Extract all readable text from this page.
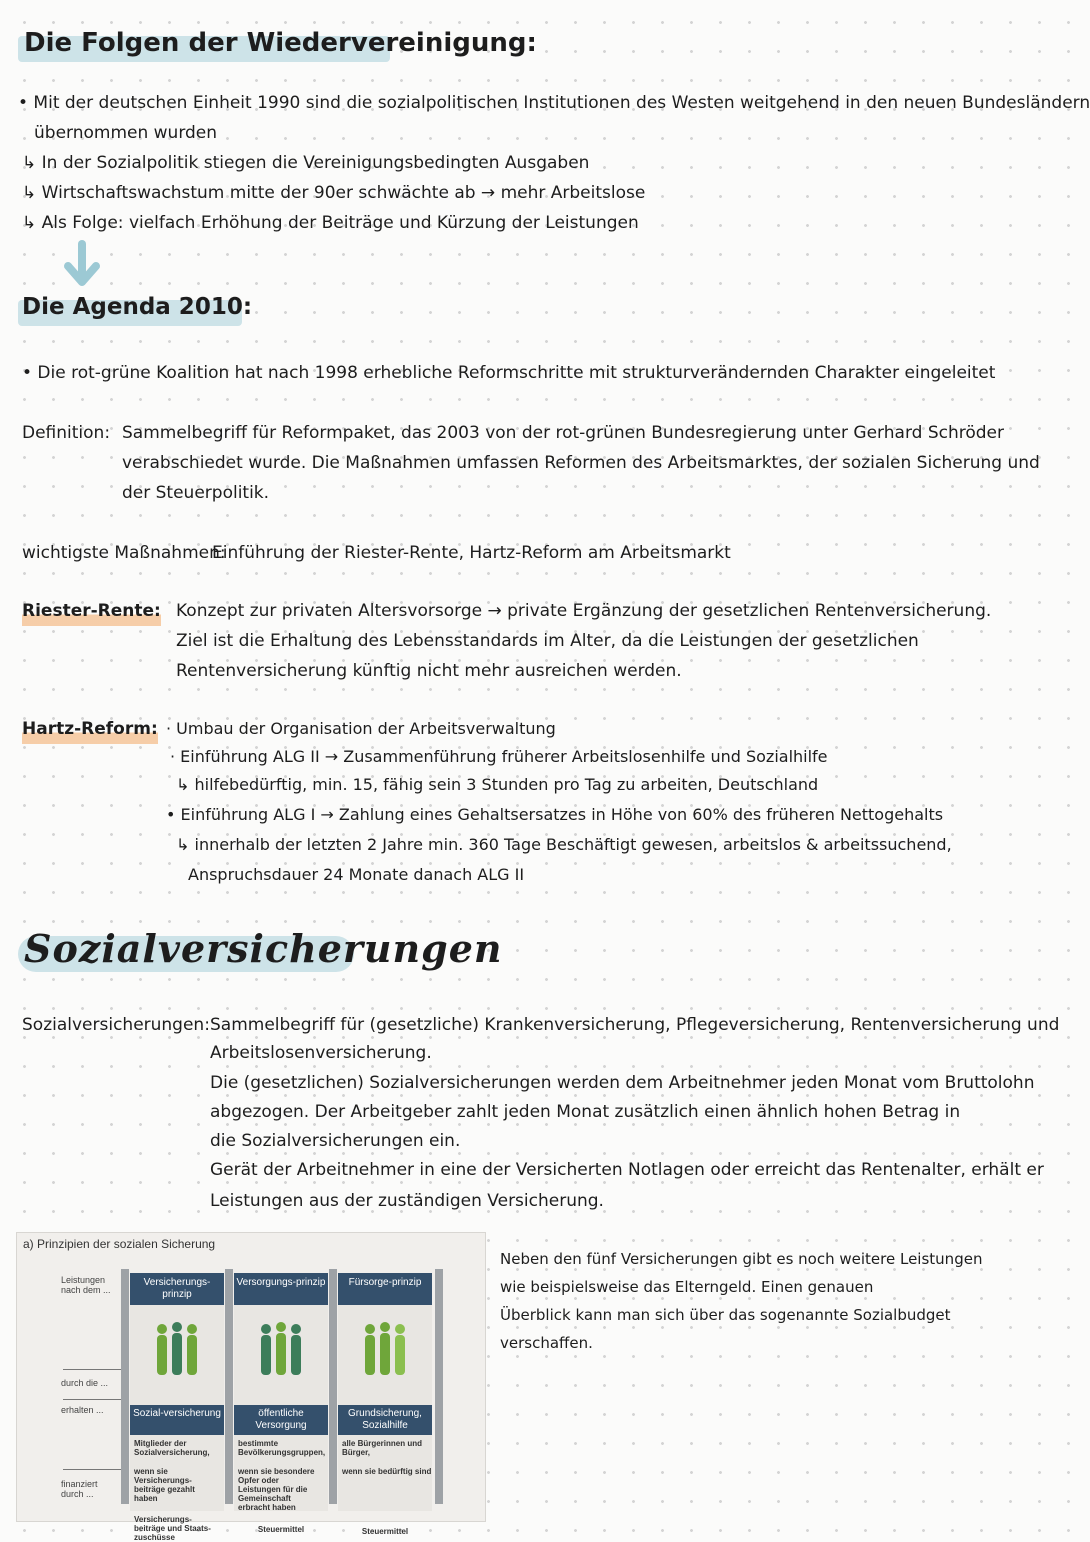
Die Folgen der Wiedervereinigung:
• Mit der deutschen Einheit 1990 sind die sozialpolitischen Institutionen des Westen weitgehend in den neuen Bundesländern
übernommen wurden
↳ In der Sozialpolitik stiegen die Vereinigungsbedingten Ausgaben
↳ Wirtschaftswachstum mitte der 90er schwächte ab → mehr Arbeitslose
↳ Als Folge: vielfach Erhöhung der Beiträge und Kürzung der Leistungen
Die Agenda 2010:
• Die rot-grüne Koalition hat nach 1998 erhebliche Reformschritte mit strukturverändernden Charakter eingeleitet
Definition: Sammelbegriff für Reformpaket, das 2003 von der rot-grünen Bundesregierung unter Gerhard Schröder
verabschiedet wurde. Die Maßnahmen umfassen Reformen des Arbeitsmarktes, der sozialen Sicherung und
der Steuerpolitik.
wichtigste Maßnahmen:
Einführung der Riester-Rente, Hartz-Reform am Arbeitsmarkt
Riester-Rente: Konzept zur privaten Altersvorsorge → private Ergänzung der gesetzlichen Rentenversicherung.
Ziel ist die Erhaltung des Lebensstandards im Alter, da die Leistungen der gesetzlichen
Rentenversicherung künftig nicht mehr ausreichen werden.
Hartz-Reform: · Umbau der Organisation der Arbeitsverwaltung
· Einführung ALG II → Zusammenführung früherer Arbeitslosenhilfe und Sozialhilfe
↳ hilfebedürftig, min. 15, fähig sein 3 Stunden pro Tag zu arbeiten, Deutschland
• Einführung ALG I → Zahlung eines Gehaltsersatzes in Höhe von 60% des früheren Nettogehalts
↳ innerhalb der letzten 2 Jahre min. 360 Tage Beschäftigt gewesen, arbeitslos & arbeitssuchend,
Anspruchsdauer 24 Monate danach ALG II
Sozialversicherungen
Sozialversicherungen: Sammelbegriff für (gesetzliche) Krankenversicherung, Pflegeversicherung, Rentenversicherung und
Arbeitslosenversicherung.
Die (gesetzlichen) Sozialversicherungen werden dem Arbeitnehmer jeden Monat vom Bruttolohn
abgezogen. Der Arbeitgeber zahlt jeden Monat zusätzlich einen ähnlich hohen Betrag in
die Sozialversicherungen ein.
Gerät der Arbeitnehmer in eine der Versicherten Notlagen oder erreicht das Rentenalter, erhält er
Leistungen aus der zuständigen Versicherung.
Neben den fünf Versicherungen gibt es noch weitere Leistungen
wie beispielsweise das Elterngeld. Einen genauen
Überblick kann man sich über das sogenannte Sozialbudget
verschaffen.
a) Prinzipien der sozialen Sicherung
Leistungen nach dem ...
durch die ...
erhalten ...
finanziert durch ...
Versicherungs-prinzip
Sozial-versicherung
Mitglieder der Sozialversicherung,
wenn sie Versicherungs-beiträge gezahlt haben
Versicherungs-beiträge und Staats-zuschüsse
Versorgungs-prinzip
öffentliche Versorgung
bestimmte Bevölkerungsgruppen,
wenn sie besondere Opfer oder Leistungen für die Gemeinschaft erbracht haben
Steuermittel
Fürsorge-prinzip
Grundsicherung, Sozialhilfe
alle Bürgerinnen und Bürger,
wenn sie bedürftig sind
Steuermittel
